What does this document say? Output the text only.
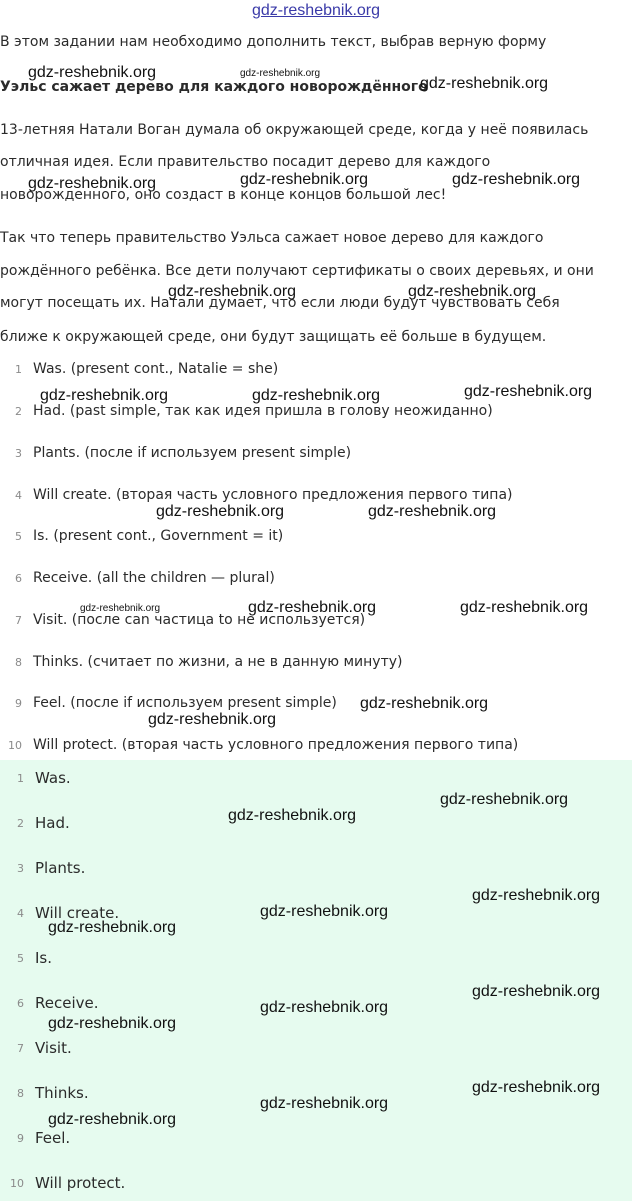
gdz-reshebnik.org

В этом задании нам необходимо дополнить текст, выбрав верную форму

Уэльс сажает дерево для каждого новорождённого

13-летняя Натали Воган думала об окружающей среде, когда у неё появилась

отличная идея. Если правительство посадит дерево для каждого

новорожденного, оно создаст в конце концов большой лес!

Так что теперь правительство Уэльса сажает новое дерево для каждого

рождённого ребёнка. Все дети получают сертификаты о своих деревьях, и они

могут посещать их. Натали думает, что если люди будут чувствовать себя

ближе к окружающей среде, они будут защищать её больше в будущем.

1 Was. (present cont., Natalie = she)
2 Had. (past simple, так как идея пришла в голову неожиданно)
3 Plants. (после if используем present simple)
4 Will create. (вторая часть условного предложения первого типа)
5 Is. (present cont., Government = it)
6 Receive. (all the children — plural)
7 Visit. (после can частица to не используется)
8 Thinks. (считает по жизни, а не в данную минуту)
9 Feel. (после if используем present simple)
10 Will protect. (вторая часть условного предложения первого типа)
1 Was.
2 Had.
3 Plants.
4 Will create.
5 Is.
6 Receive.
7 Visit.
8 Thinks.
9 Feel.
10 Will protect.
gdz-reshebnik.org	gdz-reshebnik.org
gdz-reshebnik.org
gdz-reshebnik.org	gdz-reshebnik.org	gdz-reshebnik.org
gdz-reshebnik.org	gdz-reshebnik.org
gdz-reshebnik.org	gdz-reshebnik.org	gdz-reshebnik.org
gdz-reshebnik.org	gdz-reshebnik.org
gdz-reshebnik.org	gdz-reshebnik.org	gdz-reshebnik.org
gdz-reshebnik.org
gdz-reshebnik.org
gdz-reshebnik.org
gdz-reshebnik.org
gdz-reshebnik.org
gdz-reshebnik.org
gdz-reshebnik.org
gdz-reshebnik.org
gdz-reshebnik.org
gdz-reshebnik.org
gdz-reshebnik.org
gdz-reshebnik.org
gdz-reshebnik.org
